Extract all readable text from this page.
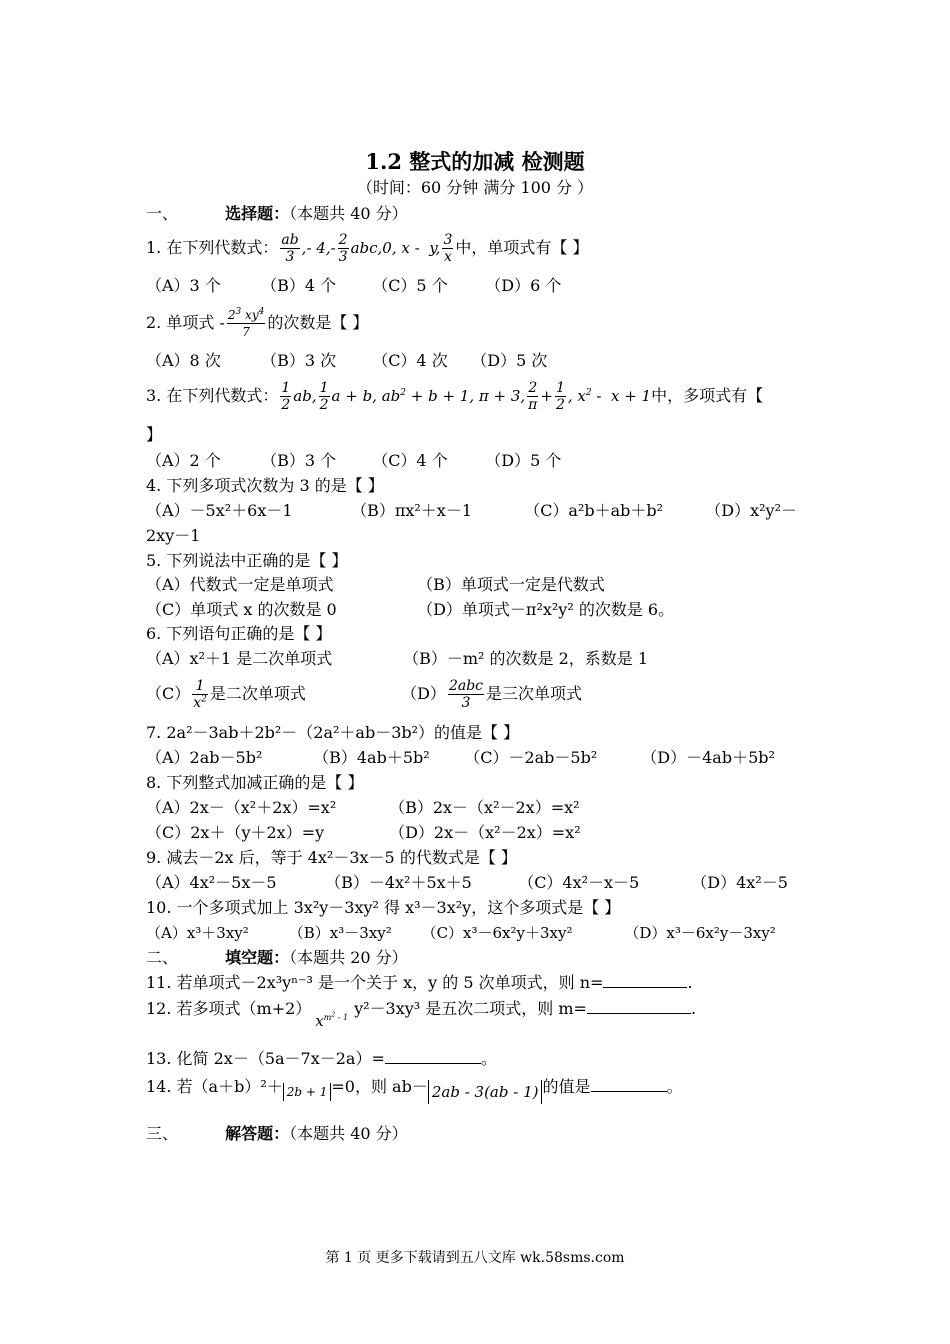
1.2 整式的加减 检测题
（时间：60 分钟 满分 100 分 ）
一、	选择题：（本题共 40 分）
1. 在下列代数式： $\frac{ab}{3}$ ,- $4,- \frac{2}{3} abc,0$, x -  y, $\frac{3}{x}$ 中，单项式有【 】
（A）3 个	（B）4 个 （C）5 个 （D）6 个
2. 单项式 - $\frac{2^3 xy^4}{7}$ 的次数是【 】
（A）8 次	（B）3 次 （C）4 次 （D）5 次
3. 在下列代数式： $\frac{1}{2}$ ab, $\frac{1}{2}$ a + b, $ab^2 + b + 1$, π + 3, $\frac{2}{\pi} + \frac{1}{2}$ , $x^2 - x + 1$中，多项式有【
】
（A）2 个	（B）3 个 （C）4 个 （D）5 个
4. 下列多项式次数为 3 的是【 】
（A）－5x²＋6x－1	（B）πx²＋x－1	（C）a²b＋ab＋b²	（D）x²y²－
2xy－1
5. 下列说法中正确的是【 】
（A）代数式一定是单项式	（B）单项式一定是代数式
（C）单项式 x 的次数是 0	（D）单项式－π²x²y² 的次数是 6。
6. 下列语句正确的是【 】
（A）x²＋1 是二次单项式	（B）－m² 的次数是 2，系数是 1
$(C) \frac{1}{x^2}$ 是二次单项式	$(D) \frac{\text{2abc}}{3}$ 是三次单项式
7. 2a²－3ab＋2b²－（2a²＋ab－3b²）的值是【 】
（A）2ab－5b²	（B）4ab＋5b² （C）－2ab－5b²	（D）－4ab＋5b²
8. 下列整式加减正确的是【 】
（A）2x－（x²＋2x）=x²	（B）2x－（x²－2x）=x²
（C）2x＋（y＋2x）=y	（D）2x－（x²－2x）=x²
9. 减去－2x 后，等于 4x²－3x－5 的代数式是【 】
（A）4x²－5x－5	（B）－4x²＋5x＋5	（C）4x²－x－5	（D）4x²－5
10. 一个多项式加上 3x²y－3xy² 得 x³－3x²y，这个多项式是【 】
（A）x³＋3xy²	（B）x³－3xy² （C）x³－6x²y＋3xy²	（D）x³－6x²y－3xy²
二、	填空题：（本题共 20 分）
11. 若单项式－2x³yⁿ⁻³ 是一个关于 x，y 的 5 次单项式，则 n=	.
12. 若多项式$(m+2)x^{m^2 - 1}$ y²－3xy³ 是五次二项式，则 m=	.
13. 化简 2x－（5a－7x－2a）=	。
14. 若（a＋b）²＋ 2b + 1 =0，则 ab－ 2ab - 3(ab - 1) 的值是	。
三、	解答题：（本题共 40 分）
第 1 页 更多下载请到五八文库 wk.58sms.com
